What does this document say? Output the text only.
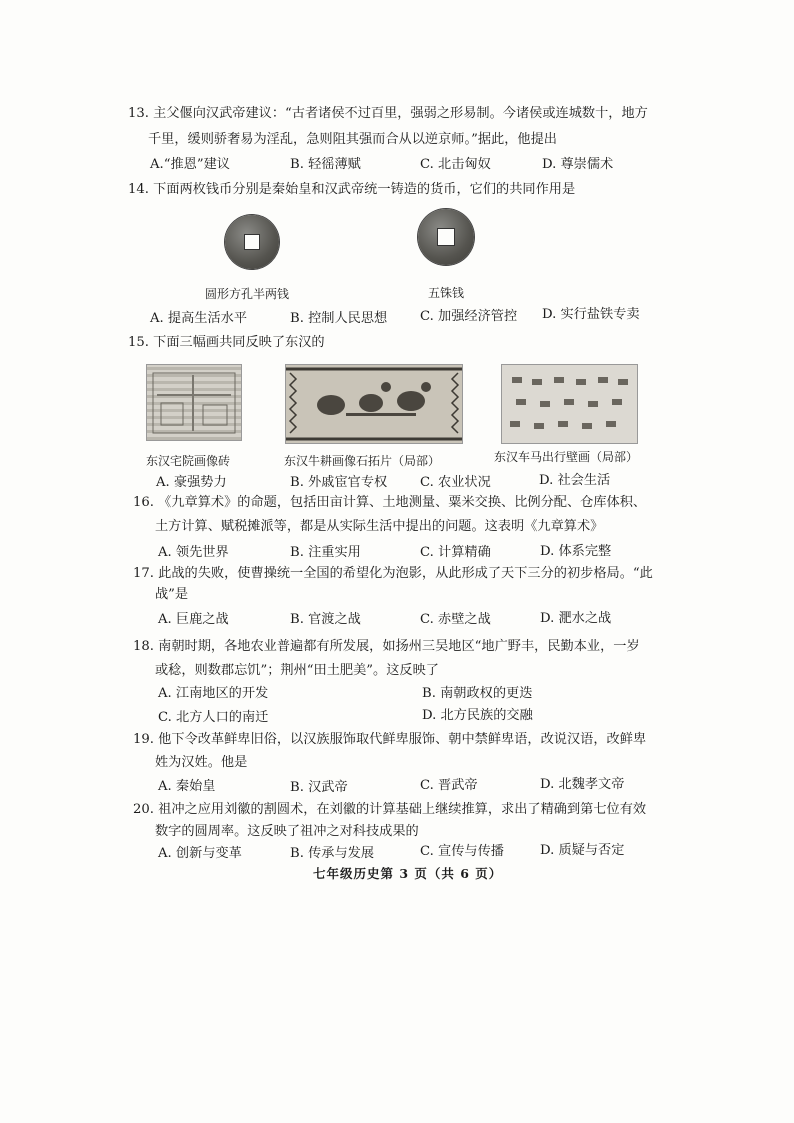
13. 主父偃向汉武帝建议：“古者诸侯不过百里，强弱之形易制。今诸侯或连城数十，地方
千里，缓则骄奢易为淫乱，急则阻其强而合从以逆京师。”据此，他提出
A.“推恩”建议	B. 轻徭薄赋	C. 北击匈奴	D. 尊崇儒术
14. 下面两枚钱币分别是秦始皇和汉武帝统一铸造的货币，它们的共同作用是
圆形方孔半两钱	五铢钱
A. 提高生活水平	B. 控制人民思想 C. 加强经济管控 D. 实行盐铁专卖
15. 下面三幅画共同反映了东汉的
东汉宅院画像砖	东汉牛耕画像石拓片（局部）	东汉车马出行壁画（局部）
A. 豪强势力	B. 外戚宦官专权 C. 农业状况	D. 社会生活
16. 《九章算术》的命题，包括田亩计算、土地测量、粟米交换、比例分配、仓库体积、
土方计算、赋税摊派等，都是从实际生活中提出的问题。这表明《九章算术》
A. 领先世界	B. 注重实用	C. 计算精确	D. 体系完整
17. 此战的失败，使曹操统一全国的希望化为泡影，从此形成了天下三分的初步格局。“此
战”是
A. 巨鹿之战	B. 官渡之战	C. 赤壁之战	D. 淝水之战
18. 南朝时期，各地农业普遍都有所发展，如扬州三吴地区“地广野丰，民勤本业，一岁
或稔，则数郡忘饥”；荆州“田土肥美”。这反映了
A. 江南地区的开发	B. 南朝政权的更迭
C. 北方人口的南迁	D. 北方民族的交融
19. 他下令改革鲜卑旧俗，以汉族服饰取代鲜卑服饰、朝中禁鲜卑语，改说汉语，改鲜卑
姓为汉姓。他是
A. 秦始皇	B. 汉武帝	C. 晋武帝	D. 北魏孝文帝
20. 祖冲之应用刘徽的割圆术，在刘徽的计算基础上继续推算，求出了精确到第七位有效
数字的圆周率。这反映了祖冲之对科技成果的
A. 创新与变革	B. 传承与发展	C. 宣传与传播	D. 质疑与否定
七年级历史第 3 页（共 6 页）
